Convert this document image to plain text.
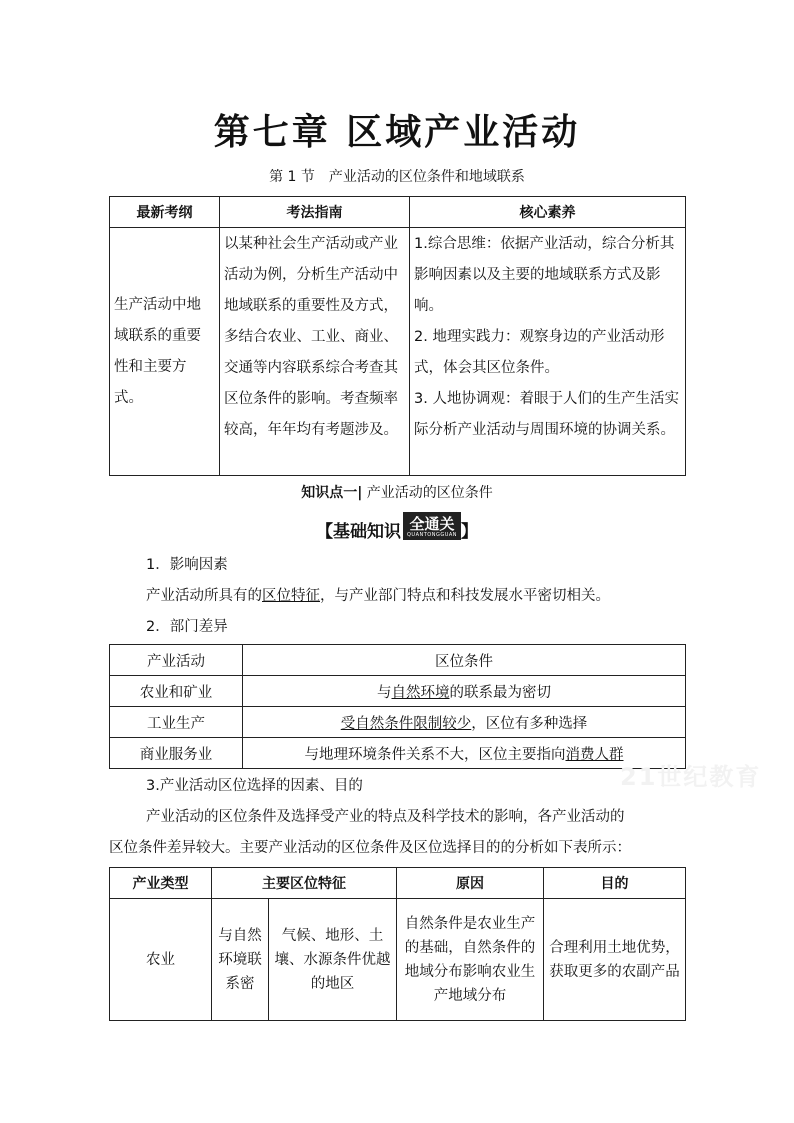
第七章 区域产业活动
第 1 节 产业活动的区位条件和地域联系
最新考纲	考法指南	核心素养
生产活动中地域联系的重要性和主要方式。	以某种社会生产活动或产业活动为例，分析生产活动中地域联系的重要性及方式，多结合农业、工业、商业、交通等内容联系综合考查其区位条件的影响。考查频率较高，年年均有考题涉及。	1.综合思维：依据产业活动，综合分析其影响因素以及主要的地域联系方式及影响。
2. 地理实践力：观察身边的产业活动形式，体会其区位条件。
3. 人地协调观：着眼于人们的生产生活实际分析产业活动与周围环境的协调关系。
知识点一| 产业活动的区位条件
【基础知识 全通关
QUANTONGGUAN 】
1．影响因素
产业活动所具有的区位特征，与产业部门特点和科技发展水平密切相关。
2．部门差异
产业活动	区位条件
农业和矿业	与自然环境的联系最为密切
工业生产	受自然条件限制较少，区位有多种选择
商业服务业	与地理环境条件关系不大，区位主要指向消费人群
21世纪教育
3.产业活动区位选择的因素、目的
产业活动的区位条件及选择受产业的特点及科学技术的影响，各产业活动的
区位条件差异较大。主要产业活动的区位条件及区位选择目的的分析如下表所示：
产业类型	主要区位特征		原因	目的
农业	与自然环境联系密	气候、地形、土壤、水源条件优越的地区	自然条件是农业生产的基础，自然条件的地域分布影响农业生产地域分布	合理利用土地优势，获取更多的农副产品
